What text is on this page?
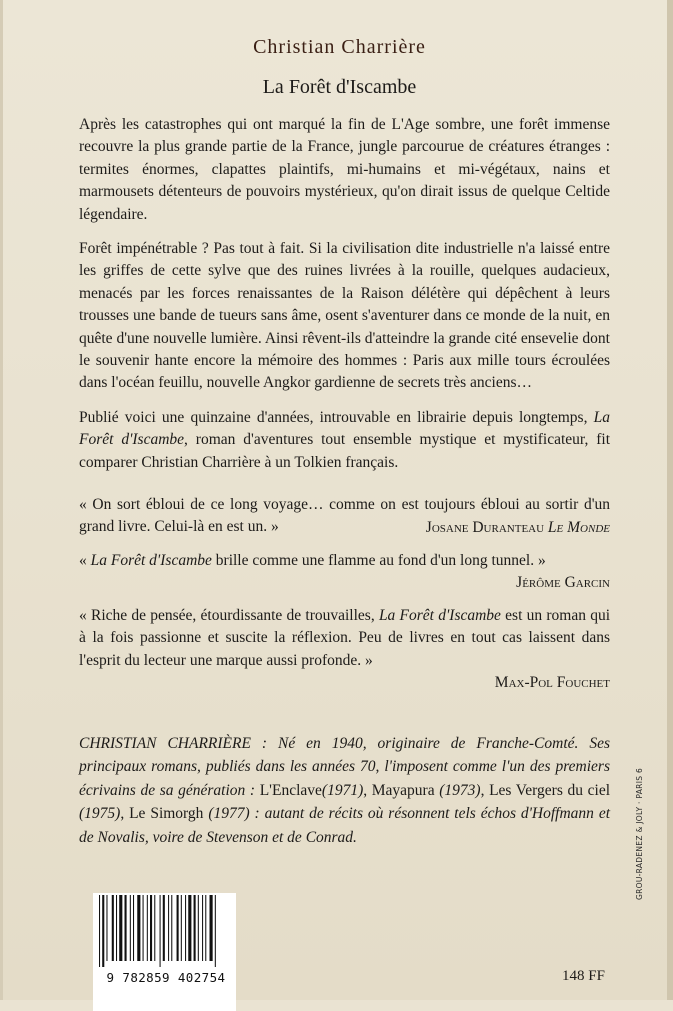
Christian Charrière
La Forêt d'Iscambe

Après les catastrophes qui ont marqué la fin de L'Age sombre, une forêt immense recouvre la plus grande partie de la France, jungle parcourue de créatures étranges : termites énormes, clapattes plaintifs, mi-humains et mi-végétaux, nains et marmousets détenteurs de pouvoirs mystérieux, qu'on dirait issus de quelque Celtide légendaire.

Forêt impénétrable ? Pas tout à fait. Si la civilisation dite industrielle n'a laissé entre les griffes de cette sylve que des ruines livrées à la rouille, quelques audacieux, menacés par les forces renaissantes de la Raison délétère qui dépêchent à leurs trousses une bande de tueurs sans âme, osent s'aventurer dans ce monde de la nuit, en quête d'une nouvelle lumière. Ainsi rêvent-ils d'atteindre la grande cité ensevelie dont le souvenir hante encore la mémoire des hommes : Paris aux mille tours écroulées dans l'océan feuillu, nouvelle Angkor gardienne de secrets très anciens…

Publié voici une quinzaine d'années, introuvable en librairie depuis longtemps, La Forêt d'Iscambe, roman d'aventures tout ensemble mystique et mystificateur, fit comparer Christian Charrière à un Tolkien français.

« On sort ébloui de ce long voyage… comme on est toujours ébloui au sortir d'un grand livre. Celui-là en est un. »	Josane Duranteau Le Monde

« La Forêt d'Iscambe brille comme une flamme au fond d'un long tunnel. »

Jérôme Garcin

« Riche de pensée, étourdissante de trouvailles, La Forêt d'Iscambe est un roman qui à la fois passionne et suscite la réflexion. Peu de livres en tout cas laissent dans l'esprit du lecteur une marque aussi profonde. »

Max-Pol Fouchet

CHRISTIAN CHARRIÈRE : Né en 1940, originaire de Franche-Comté. Ses principaux romans, publiés dans les années 70, l'imposent comme l'un des premiers écrivains de sa génération : L'Enclave(1971), Mayapura (1973), Les Vergers du ciel (1975), Le Simorgh (1977) : autant de récits où résonnent tels échos d'Hoffmann et de Novalis, voire de Stevenson et de Conrad.
9 782859 402754	148 FF
GROU-RADENEZ & JOLY · PARIS 6
